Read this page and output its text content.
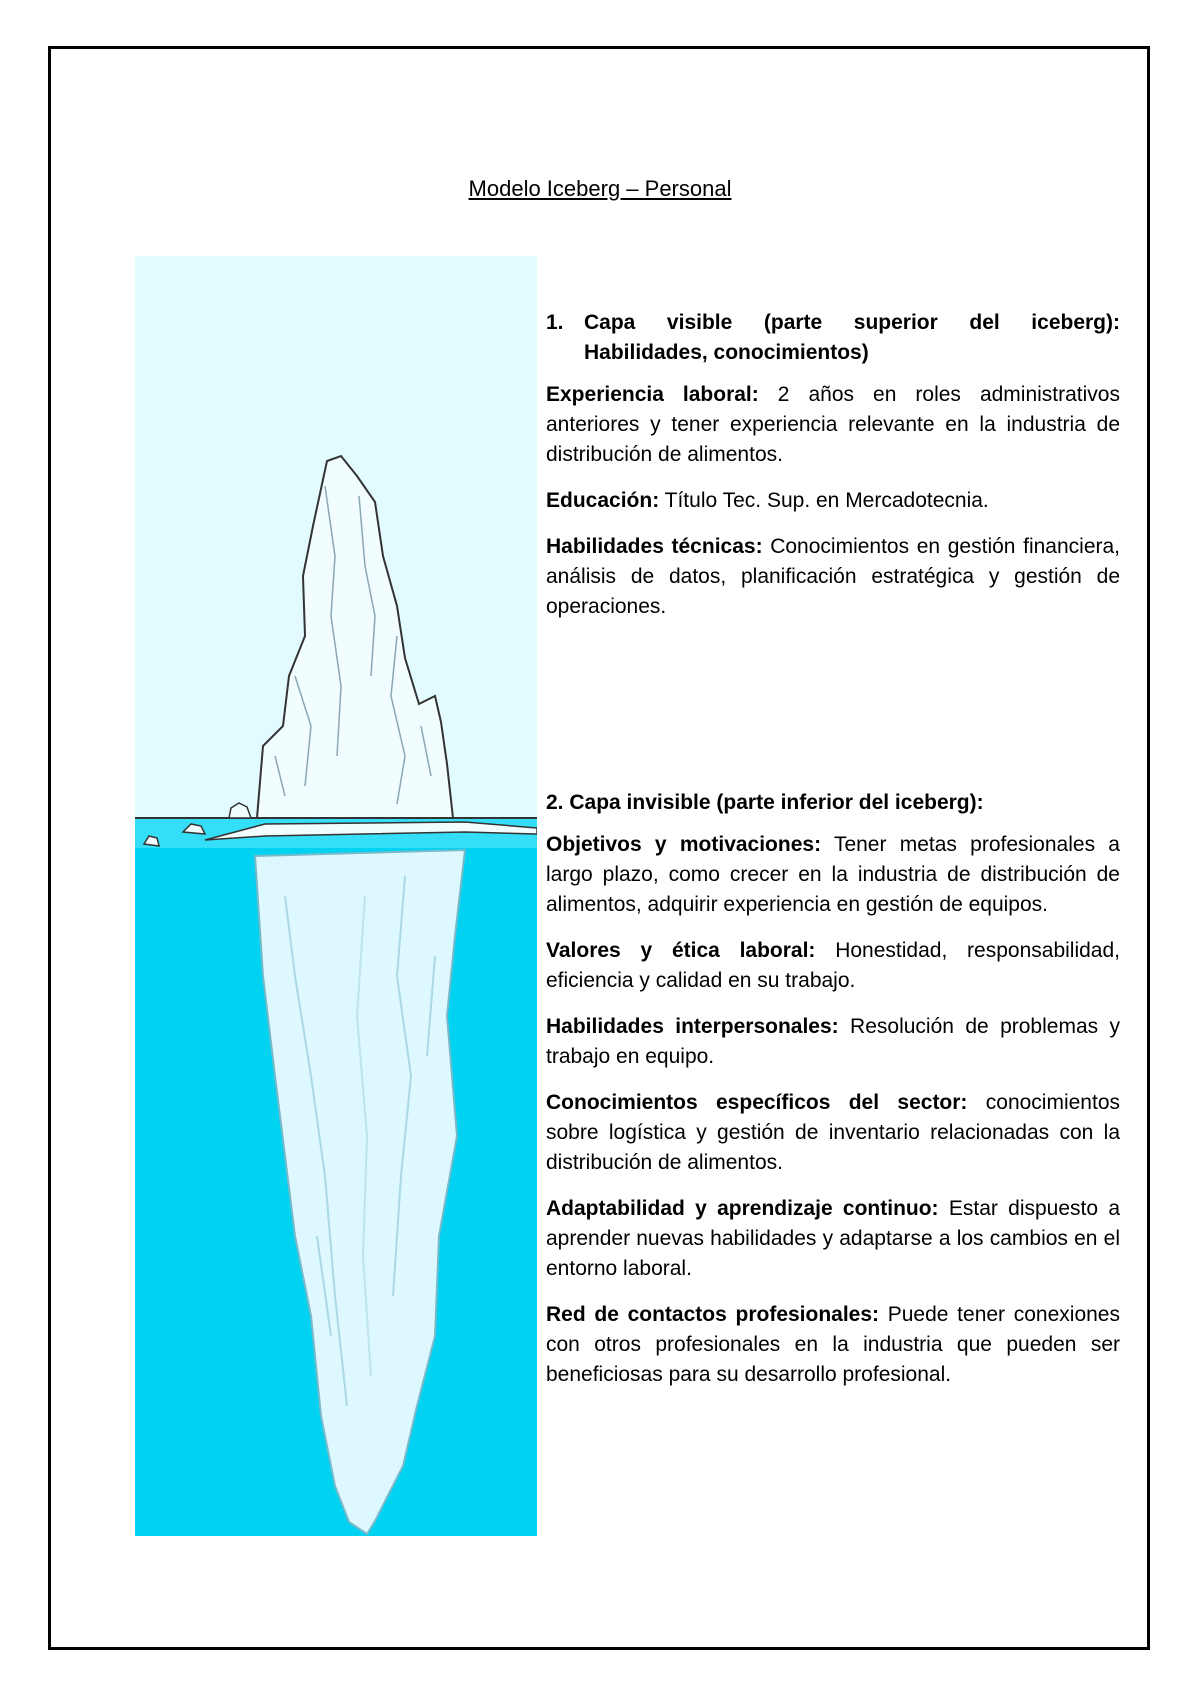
Modelo Iceberg – Personal
1. Capa visible (parte superior del iceberg): Habilidades, conocimientos)

Experiencia laboral: 2 años en roles administrativos anteriores y tener experiencia relevante en la industria de distribución de alimentos.

Educación: Título Tec. Sup. en Mercadotecnia.

Habilidades técnicas: Conocimientos en gestión financiera, análisis de datos, planificación estratégica y gestión de operaciones.

2. Capa invisible (parte inferior del iceberg):

Objetivos y motivaciones: Tener metas profesionales a largo plazo, como crecer en la industria de distribución de alimentos, adquirir experiencia en gestión de equipos.

Valores y ética laboral: Honestidad, responsabilidad, eficiencia y calidad en su trabajo.

Habilidades interpersonales: Resolución de problemas y trabajo en equipo.

Conocimientos específicos del sector: conocimientos sobre logística y gestión de inventario relacionadas con la distribución de alimentos.

Adaptabilidad y aprendizaje continuo: Estar dispuesto a aprender nuevas habilidades y adaptarse a los cambios en el entorno laboral.

Red de contactos profesionales: Puede tener conexiones con otros profesionales en la industria que pueden ser beneficiosas para su desarrollo profesional.
